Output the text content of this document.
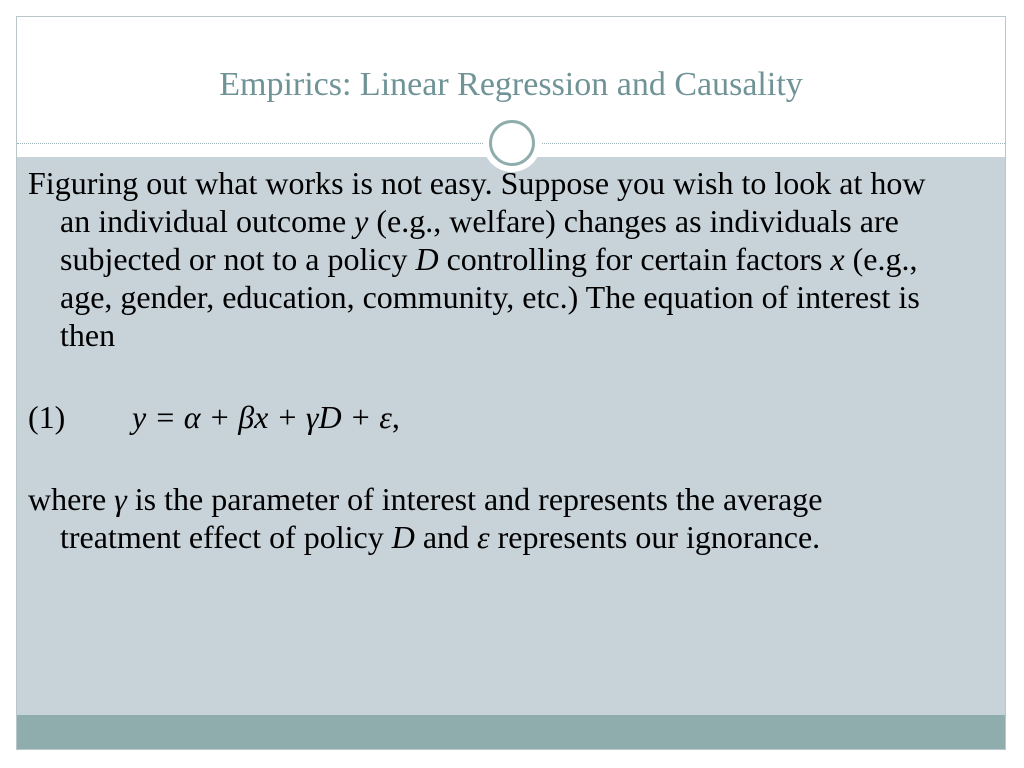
Empirics: Linear Regression and Causality

Figuring out what works is not easy. Suppose you wish to look at how an individual outcome y (e.g., welfare) changes as individuals are subjected or not to a policy D controlling for certain factors x (e.g., age, gender, education, community, etc.) The equation of interest is then

(1) y = α + βx + γD + ε,

where γ is the parameter of interest and represents the average treatment effect of policy D and ε represents our ignorance.
